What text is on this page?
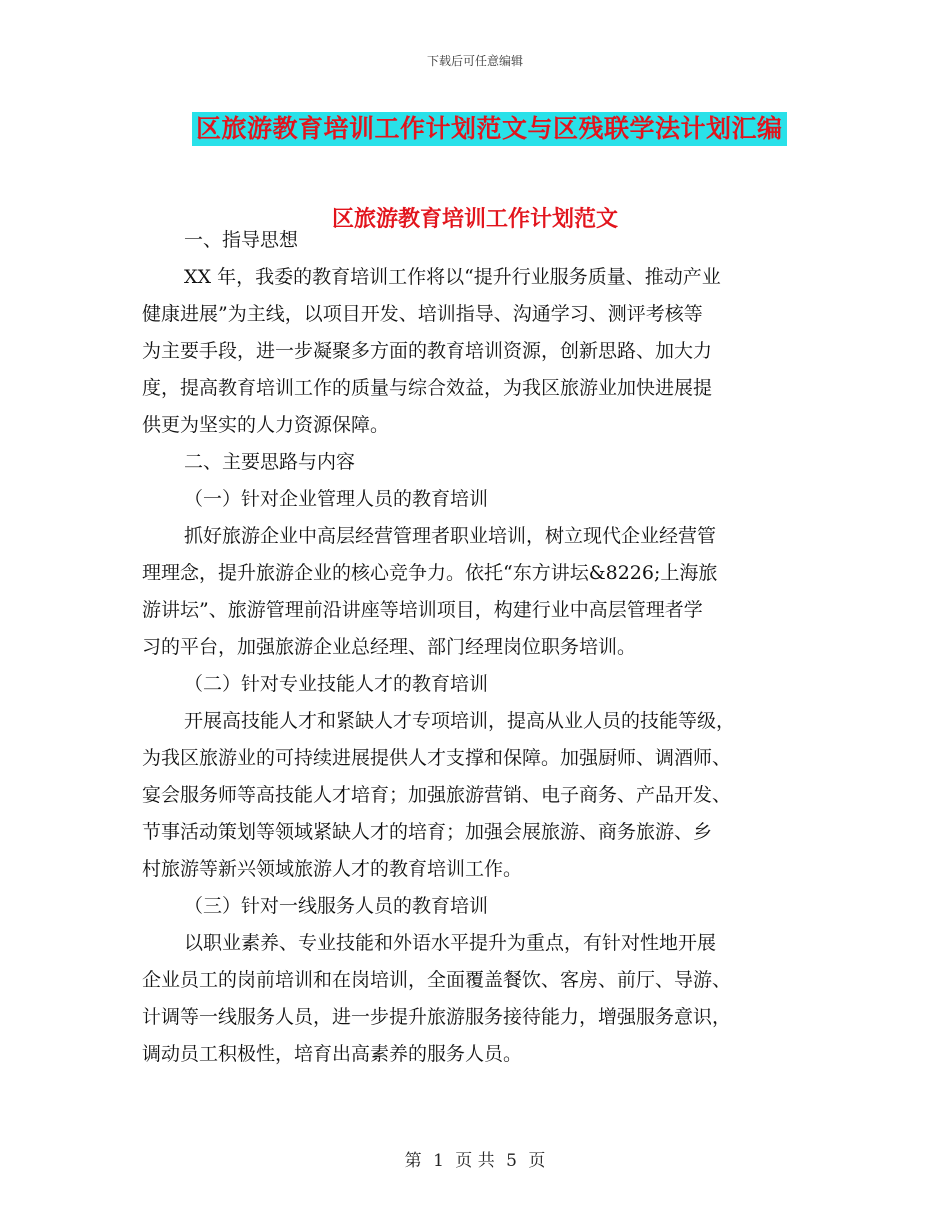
下载后可任意编辑
区旅游教育培训工作计划范文与区残联学法计划汇编
区旅游教育培训工作计划范文
一、指导思想
XX 年，我委的教育培训工作将以“提升行业服务质量、推动产业
健康进展”为主线，以项目开发、培训指导、沟通学习、测评考核等
为主要手段，进一步凝聚多方面的教育培训资源，创新思路、加大力
度，提高教育培训工作的质量与综合效益，为我区旅游业加快进展提
供更为坚实的人力资源保障。
二、主要思路与内容
（一）针对企业管理人员的教育培训
抓好旅游企业中高层经营管理者职业培训，树立现代企业经营管
理理念，提升旅游企业的核心竞争力。依托“东方讲坛&8226;上海旅
游讲坛”、旅游管理前沿讲座等培训项目，构建行业中高层管理者学
习的平台，加强旅游企业总经理、部门经理岗位职务培训。
（二）针对专业技能人才的教育培训
开展高技能人才和紧缺人才专项培训，提高从业人员的技能等级，
为我区旅游业的可持续进展提供人才支撑和保障。加强厨师、调酒师、
宴会服务师等高技能人才培育；加强旅游营销、电子商务、产品开发、
节事活动策划等领域紧缺人才的培育；加强会展旅游、商务旅游、乡
村旅游等新兴领域旅游人才的教育培训工作。
（三）针对一线服务人员的教育培训
以职业素养、专业技能和外语水平提升为重点，有针对性地开展
企业员工的岗前培训和在岗培训，全面覆盖餐饮、客房、前厅、导游、
计调等一线服务人员，进一步提升旅游服务接待能力，增强服务意识，
调动员工积极性，培育出高素养的服务人员。
第 1 页 共 5 页
